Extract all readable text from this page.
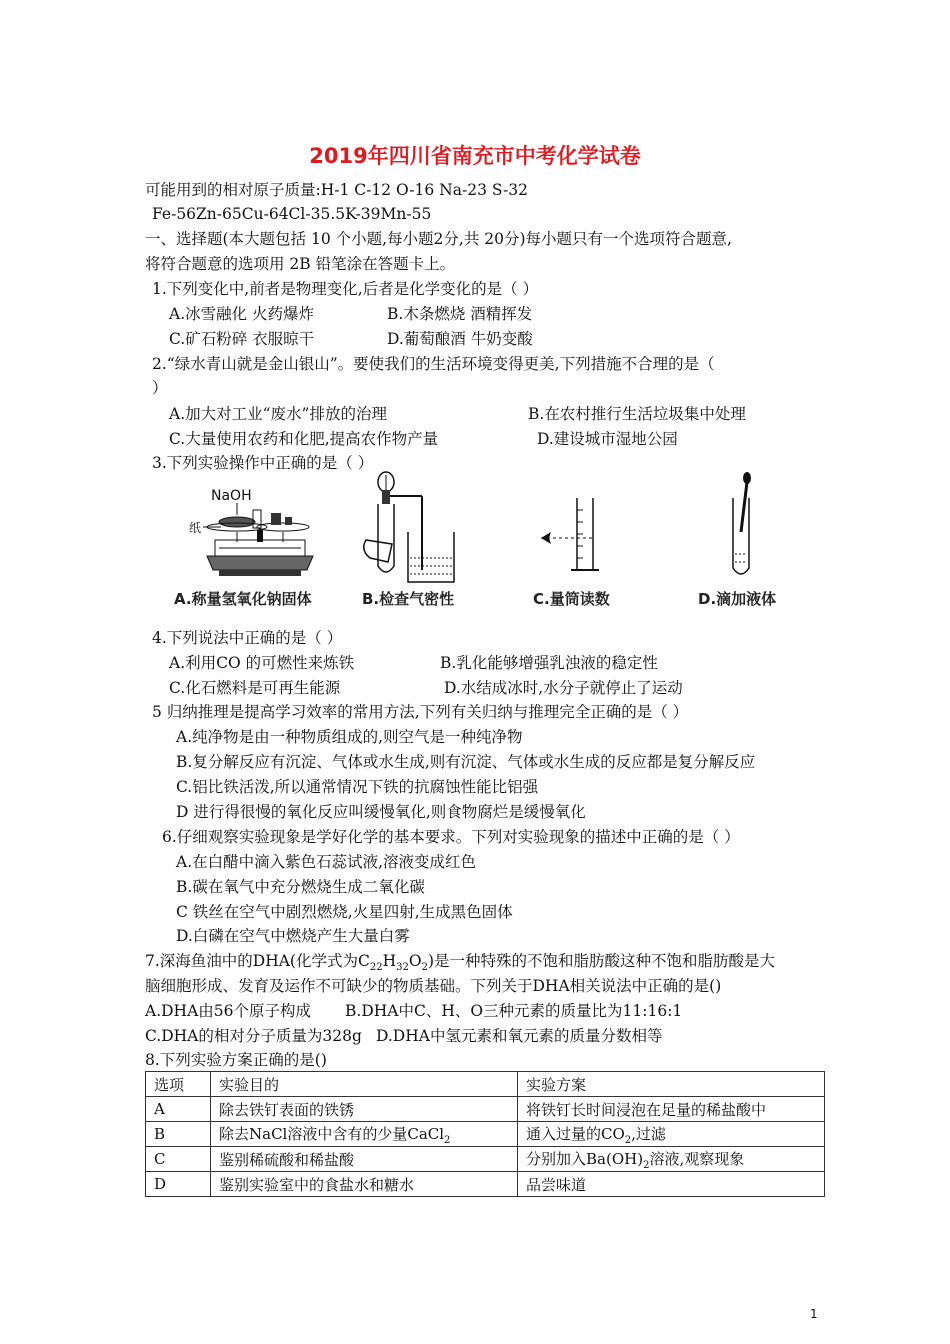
2019年四川省南充市中考化学试卷
可能用到的相对原子质量:H-1 C-12 O-16 Na-23 S-32
Fe-56Zn-65Cu-64Cl-35.5K-39Mn-55
一、选择题(本大题包括 10 个小题,每小题2分,共 20分)每小题只有一个选项符合题意,
将符合题意的选项用 2B 铅笔涂在答题卡上。
1.下列变化中,前者是物理变化,后者是化学变化的是（ ）
A.冰雪融化 火药爆炸	B.木条燃烧 酒精挥发
C.矿石粉碎 衣服晾干	D.葡萄酿酒 牛奶变酸
2.“绿水青山就是金山银山”。要使我们的生活环境变得更美,下列措施不合理的是（
）
A.加大对工业“废水”排放的治理	B.在农村推行生活垃圾集中处理
C.大量使用农药和化肥,提高农作物产量	D.建设城市湿地公园
3.下列实验操作中正确的是（ ）
NaOH
纸
A.称量氢氧化钠固体	B.检查气密性	C.量筒读数	D.滴加液体
4.下列说法中正确的是（ ）
A.利用CO 的可燃性来炼铁	B.乳化能够增强乳浊液的稳定性
C.化石燃料是可再生能源	D.水结成冰时,水分子就停止了运动
5 归纳推理是提高学习效率的常用方法,下列有关归纳与推理完全正确的是（ ）
A.纯净物是由一种物质组成的,则空气是一种纯净物
B.复分解反应有沉淀、气体或水生成,则有沉淀、气体或水生成的反应都是复分解反应
C.铝比铁活泼,所以通常情况下铁的抗腐蚀性能比铝强
D 进行得很慢的氧化反应叫缓慢氧化,则食物腐烂是缓慢氧化
6.仔细观察实验现象是学好化学的基本要求。下列对实验现象的描述中正确的是（ ）
A.在白醋中滴入紫色石蕊试液,溶液变成红色
B.碳在氧气中充分燃烧生成二氧化碳
C 铁丝在空气中剧烈燃烧,火星四射,生成黑色固体
D.白磷在空气中燃烧产生大量白雾
7.深海鱼油中的DHA(化学式为$C_{22}H_{32}O_2$)是一种特殊的不饱和脂肪酸这种不饱和脂肪酸是大
脑细胞形成、发育及运作不可缺少的物质基础。下列关于DHA相关说法中正确的是()
A.DHA由56个原子构成 B.DHA中C、H、O三种元素的质量比为11:16:1
C.DHA的相对分子质量为328g D.DHA中氢元素和氧元素的质量分数相等
8.下列实验方案正确的是()
选项	实验目的	实验方案
A	除去铁钉表面的铁锈	将铁钉长时间浸泡在足量的稀盐酸中
B	除去NaCl溶液中含有的少量CaCl$_2$	通入过量的$CO_2$,过滤
C	鉴别稀硫酸和稀盐酸	分别加入$Ba(OH)_2$溶液,观察现象
D	鉴别实验室中的食盐水和糖水	品尝味道
1
